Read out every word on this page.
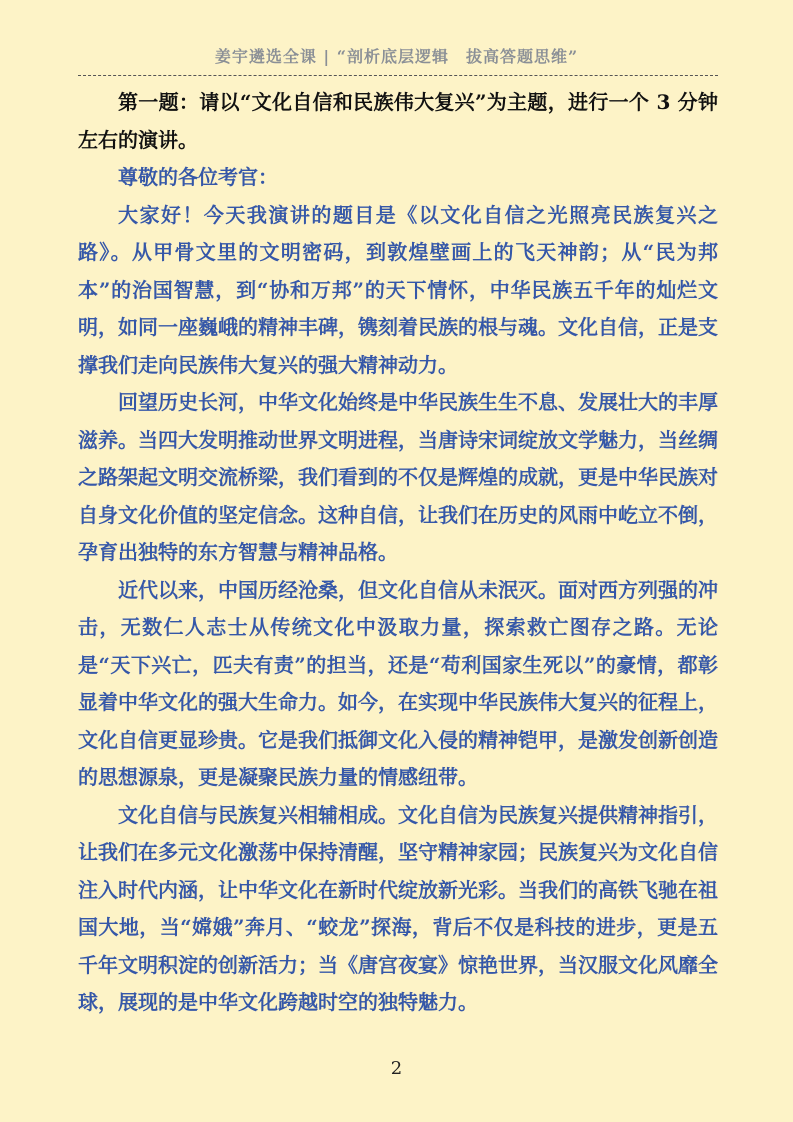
姜宇遴选全课 | “剖析底层逻辑　拔高答题思维”

第一题：请以“文化自信和民族伟大复兴”为主题，进行一个 3 分钟左右的演讲。

尊敬的各位考官：

大家好！今天我演讲的题目是《以文化自信之光照亮民族复兴之路》。从甲骨文里的文明密码，到敦煌壁画上的飞天神韵；从“民为邦本”的治国智慧，到“协和万邦”的天下情怀，中华民族五千年的灿烂文明，如同一座巍峨的精神丰碑，镌刻着民族的根与魂。文化自信，正是支撑我们走向民族伟大复兴的强大精神动力。

回望历史长河，中华文化始终是中华民族生生不息、发展壮大的丰厚滋养。当四大发明推动世界文明进程，当唐诗宋词绽放文学魅力，当丝绸之路架起文明交流桥梁，我们看到的不仅是辉煌的成就，更是中华民族对自身文化价值的坚定信念。这种自信，让我们在历史的风雨中屹立不倒，孕育出独特的东方智慧与精神品格。

近代以来，中国历经沧桑，但文化自信从未泯灭。面对西方列强的冲击，无数仁人志士从传统文化中汲取力量，探索救亡图存之路。无论是“天下兴亡，匹夫有责”的担当，还是“苟利国家生死以”的豪情，都彰显着中华文化的强大生命力。如今，在实现中华民族伟大复兴的征程上，文化自信更显珍贵。它是我们抵御文化入侵的精神铠甲，是激发创新创造的思想源泉，更是凝聚民族力量的情感纽带。

文化自信与民族复兴相辅相成。文化自信为民族复兴提供精神指引，让我们在多元文化激荡中保持清醒，坚守精神家园；民族复兴为文化自信注入时代内涵，让中华文化在新时代绽放新光彩。当我们的高铁飞驰在祖国大地，当“嫦娥”奔月、“蛟龙”探海，背后不仅是科技的进步，更是五千年文明积淀的创新活力；当《唐宫夜宴》惊艳世界，当汉服文化风靡全球，展现的是中华文化跨越时空的独特魅力。

2
